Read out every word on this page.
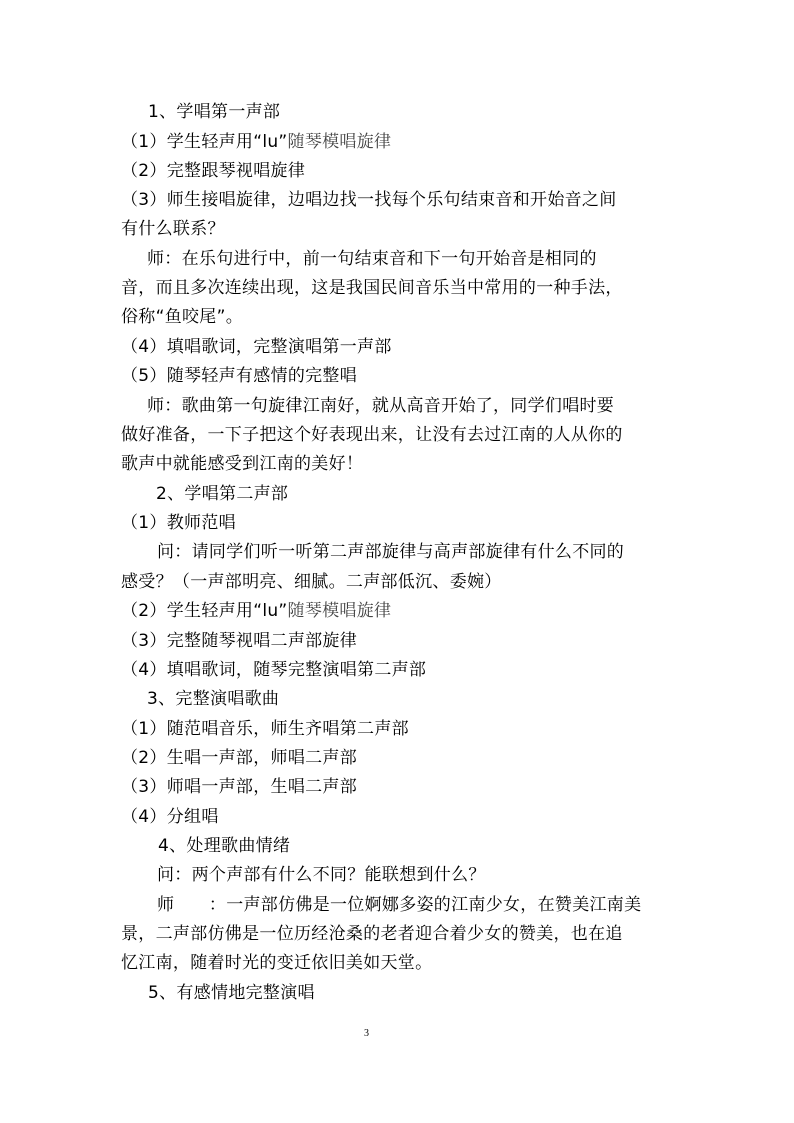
1、学唱第一声部
（1）学生轻声用“lu”随琴模唱旋律
（2）完整跟琴视唱旋律
（3）师生接唱旋律，边唱边找一找每个乐句结束音和开始音之间
有什么联系？
师：在乐句进行中，前一句结束音和下一句开始音是相同的
音，而且多次连续出现，这是我国民间音乐当中常用的一种手法，
俗称“鱼咬尾”。
（4）填唱歌词，完整演唱第一声部
（5）随琴轻声有感情的完整唱
师：歌曲第一句旋律江南好，就从高音开始了，同学们唱时要
做好准备，一下子把这个好表现出来，让没有去过江南的人从你的
歌声中就能感受到江南的美好！
2、学唱第二声部
（1）教师范唱
问：请同学们听一听第二声部旋律与高声部旋律有什么不同的
感受？（一声部明亮、细腻。二声部低沉、委婉）
（2）学生轻声用“lu”随琴模唱旋律
（3）完整随琴视唱二声部旋律
（4）填唱歌词，随琴完整演唱第二声部
3、完整演唱歌曲
（1）随范唱音乐，师生齐唱第二声部
（2）生唱一声部，师唱二声部
（3）师唱一声部，生唱二声部
（4）分组唱
4、处理歌曲情绪
问：两个声部有什么不同？能联想到什么？
师　　：一声部仿佛是一位婀娜多姿的江南少女，在赞美江南美
景，二声部仿佛是一位历经沧桑的老者迎合着少女的赞美，也在追
忆江南，随着时光的变迁依旧美如天堂。
5、有感情地完整演唱
3
